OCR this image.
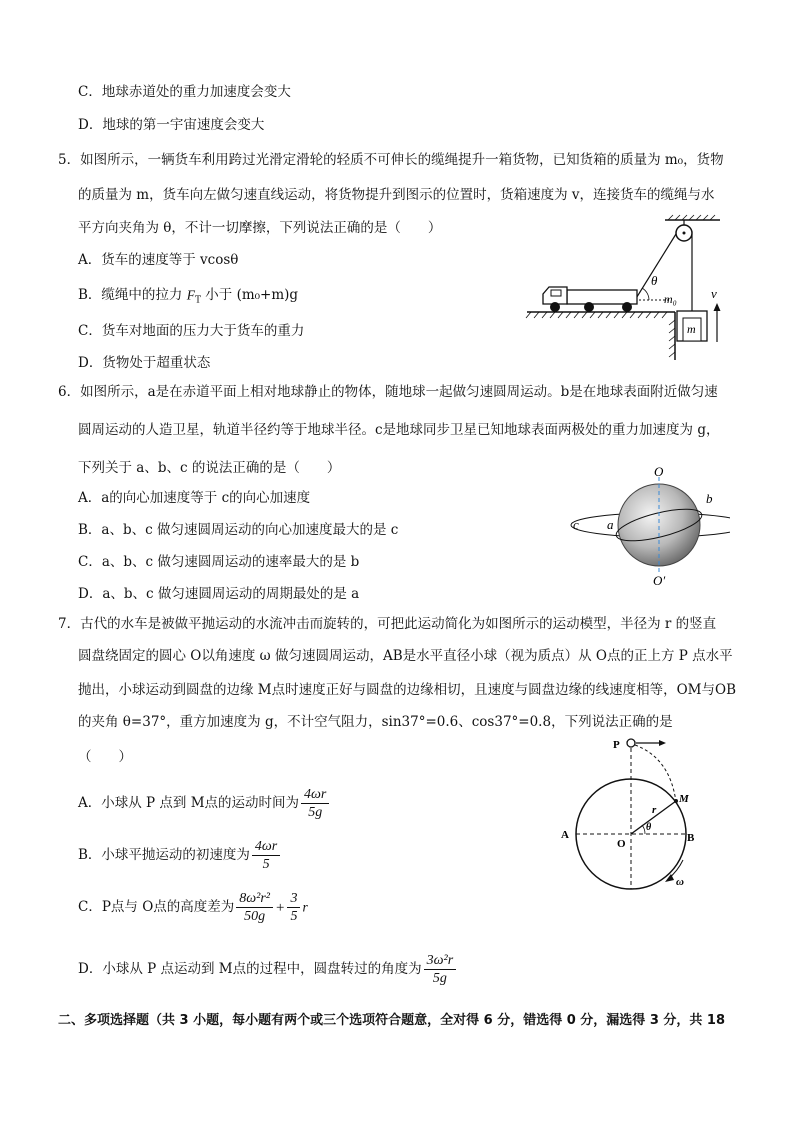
C．地球赤道处的重力加速度会变大
D．地球的第一宇宙速度会变大
5．如图所示，一辆货车利用跨过光滑定滑轮的轻质不可伸长的缆绳提升一箱货物，已知货箱的质量为 m₀，货物
的质量为 m，货车向左做匀速直线运动，将货物提升到图示的位置时，货箱速度为 v，连接货车的缆绳与水
平方向夹角为 θ，不计一切摩擦，下列说法正确的是（　　）
A．货车的速度等于 vcosθ
B．缆绳中的拉力 $F_T$ 小于 (m₀+m)g
C．货车对地面的压力大于货车的重力
D．货物处于超重状态
θ
m
m₀	v
6．如图所示，a是在赤道平面上相对地球静止的物体，随地球一起做匀速圆周运动。b是在地球表面附近做匀速
圆周运动的人造卫星，轨道半径约等于地球半径。c是地球同步卫星已知地球表面两极处的重力加速度为 g，
下列关于 a、b、c 的说法正确的是（　　）
A．a的向心加速度等于 c的向心加速度
B．a、b、c 做匀速圆周运动的向心加速度最大的是 c
C．a、b、c 做匀速圆周运动的速率最大的是 b
D．a、b、c 做匀速圆周运动的周期最处的是 a
O
O′
a
b
c
7．古代的水车是被做平抛运动的水流冲击而旋转的，可把此运动简化为如图所示的运动模型，半径为 r 的竖直
圆盘绕固定的圆心 O以角速度 ω 做匀速圆周运动，AB是水平直径小球（视为质点）从 O点的正上方 P 点水平
抛出，小球运动到圆盘的边缘 M点时速度正好与圆盘的边缘相切，且速度与圆盘边缘的线速度相等，OM与OB
的夹角 θ=37°，重方加速度为 g，不计空气阻力，sin37°=0.6、cos37°=0.8，下列说法正确的是
（　　）
A．小球从 P 点到 M点的运动时间为 $\frac{4\omega r}{5g}$
B．小球平抛运动的初速度为 $\frac{4\omega r}{5}$
C．P点与 O点的高度差为 $\frac{\text{8ω²r²}}{50g} + \frac{3}{5}$ r
D．小球从 P 点运动到 M点的过程中，圆盘转过的角度为 $\frac{\text{3ω²r}}{5g}$
P
ω
A	B
O
M
r
θ
二、多项选择题（共 3 小题，每小题有两个或三个选项符合题意，全对得 6 分，错选得 0 分，漏选得 3 分，共 18
